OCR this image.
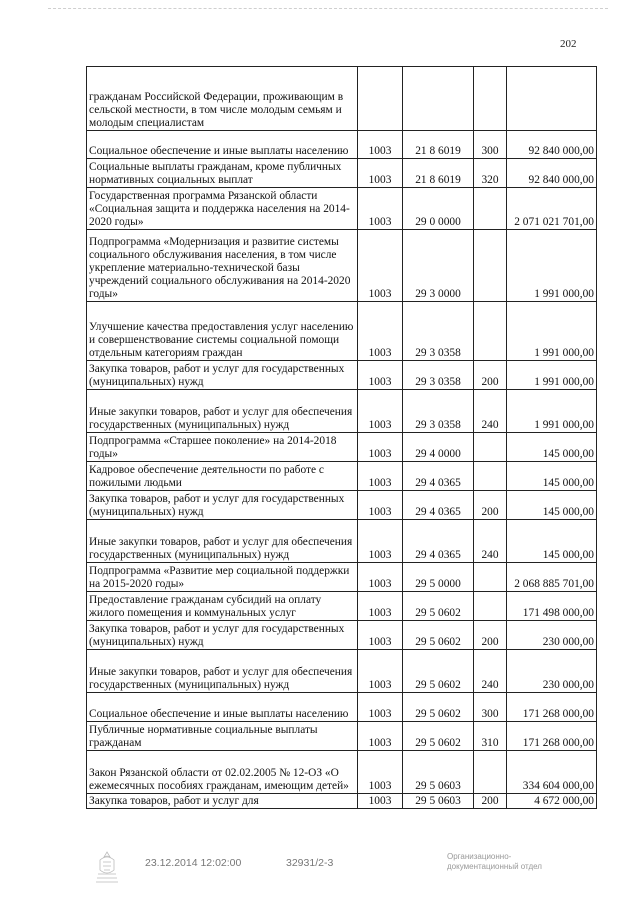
202
гражданам Российской Федерации, проживающим в сельской местности, в том числе молодым семьям и молодым специалистам				
Социальное обеспечение и иные выплаты населению	1003	21 8 6019	300	92 840 000,00
Социальные выплаты гражданам, кроме публичных нормативных социальных выплат	1003	21 8 6019	320	92 840 000,00
Государственная программа Рязанской области «Социальная защита и поддержка населения на 2014-2020 годы»	1003	29 0 0000		2 071 021 701,00
Подпрограмма «Модернизация и развитие системы социального обслуживания населения, в том числе укрепление материально-технической базы учреждений социального обслуживания на 2014-2020 годы»	1003	29 3 0000		1 991 000,00
Улучшение качества предоставления услуг населению и совершенствование системы социальной помощи отдельным категориям граждан	1003	29 3 0358		1 991 000,00
Закупка товаров, работ и услуг для государственных (муниципальных) нужд	1003	29 3 0358	200	1 991 000,00
Иные закупки товаров, работ и услуг для обеспечения государственных (муниципальных) нужд	1003	29 3 0358	240	1 991 000,00
Подпрограмма «Старшее поколение» на 2014-2018 годы»	1003	29 4 0000		145 000,00
Кадровое обеспечение деятельности по работе с пожилыми людьми	1003	29 4 0365		145 000,00
Закупка товаров, работ и услуг для государственных (муниципальных) нужд	1003	29 4 0365	200	145 000,00
Иные закупки товаров, работ и услуг для обеспечения государственных (муниципальных) нужд	1003	29 4 0365	240	145 000,00
Подпрограмма «Развитие мер социальной поддержки на 2015-2020 годы»	1003	29 5 0000		2 068 885 701,00
Предоставление гражданам субсидий на оплату жилого помещения и коммунальных услуг	1003	29 5 0602		171 498 000,00
Закупка товаров, работ и услуг для государственных (муниципальных) нужд	1003	29 5 0602	200	230 000,00
Иные закупки товаров, работ и услуг для обеспечения государственных (муниципальных) нужд	1003	29 5 0602	240	230 000,00
Социальное обеспечение и иные выплаты населению	1003	29 5 0602	300	171 268 000,00
Публичные нормативные социальные выплаты гражданам	1003	29 5 0602	310	171 268 000,00
Закон Рязанской области от 02.02.2005 № 12-ОЗ «О ежемесячных пособиях гражданам, имеющим детей»	1003	29 5 0603		334 604 000,00
Закупка товаров, работ и услуг для	1003	29 5 0603	200	4 672 000,00
23.12.2014 12:02:00	32931/2-3
Организационно-
документационный отдел
